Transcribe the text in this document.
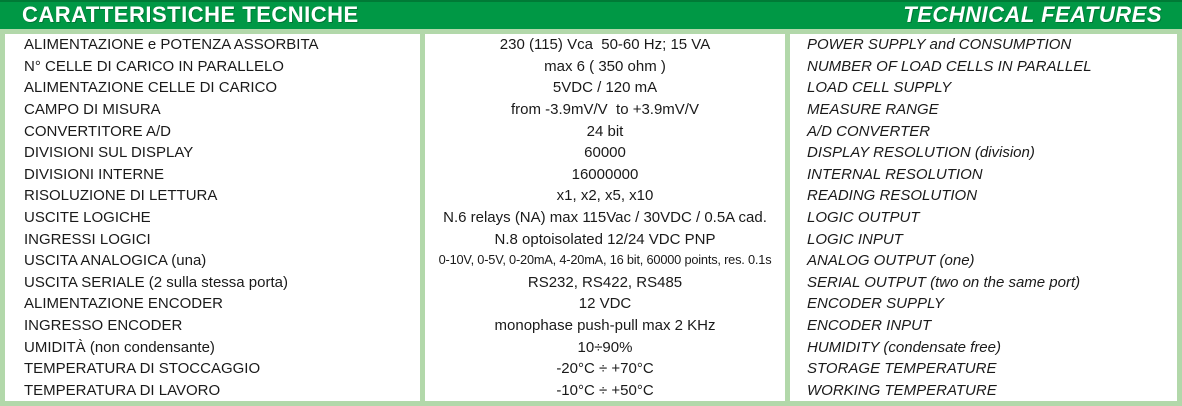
CARATTERISTICHE TECNICHE	TECHNICAL FEATURES
ALIMENTAZIONE e POTENZA ASSORBITA	230 (115) Vca  50-60 Hz; 15 VA	POWER SUPPLY and CONSUMPTION
N° CELLE DI CARICO IN PARALLELO	max 6 ( 350 ohm )	NUMBER OF LOAD CELLS IN PARALLEL
ALIMENTAZIONE CELLE DI CARICO	5VDC / 120 mA	LOAD CELL SUPPLY
CAMPO DI MISURA	from -3.9mV/V  to +3.9mV/V	MEASURE RANGE
CONVERTITORE A/D	24 bit	A/D CONVERTER
DIVISIONI SUL DISPLAY	60000	DISPLAY RESOLUTION (division)
DIVISIONI INTERNE	16000000	INTERNAL RESOLUTION
RISOLUZIONE DI LETTURA	x1, x2, x5, x10	READING RESOLUTION
USCITE LOGICHE	N.6 relays (NA) max 115Vac / 30VDC / 0.5A cad.	LOGIC OUTPUT
INGRESSI LOGICI	N.8 optoisolated 12/24 VDC PNP	LOGIC INPUT
USCITA ANALOGICA (una)	0-10V, 0-5V, 0-20mA, 4-20mA, 16 bit, 60000 points, res. 0.1s	ANALOG OUTPUT (one)
USCITA SERIALE (2 sulla stessa porta)	RS232, RS422, RS485	SERIAL OUTPUT (two on the same port)
ALIMENTAZIONE ENCODER	12 VDC	ENCODER SUPPLY
INGRESSO ENCODER	monophase push-pull max 2 KHz	ENCODER INPUT
UMIDITÀ (non condensante)	10÷90%	HUMIDITY (condensate free)
TEMPERATURA DI STOCCAGGIO	-20°C ÷ +70°C	STORAGE TEMPERATURE
TEMPERATURA DI LAVORO	-10°C ÷ +50°C	WORKING TEMPERATURE
